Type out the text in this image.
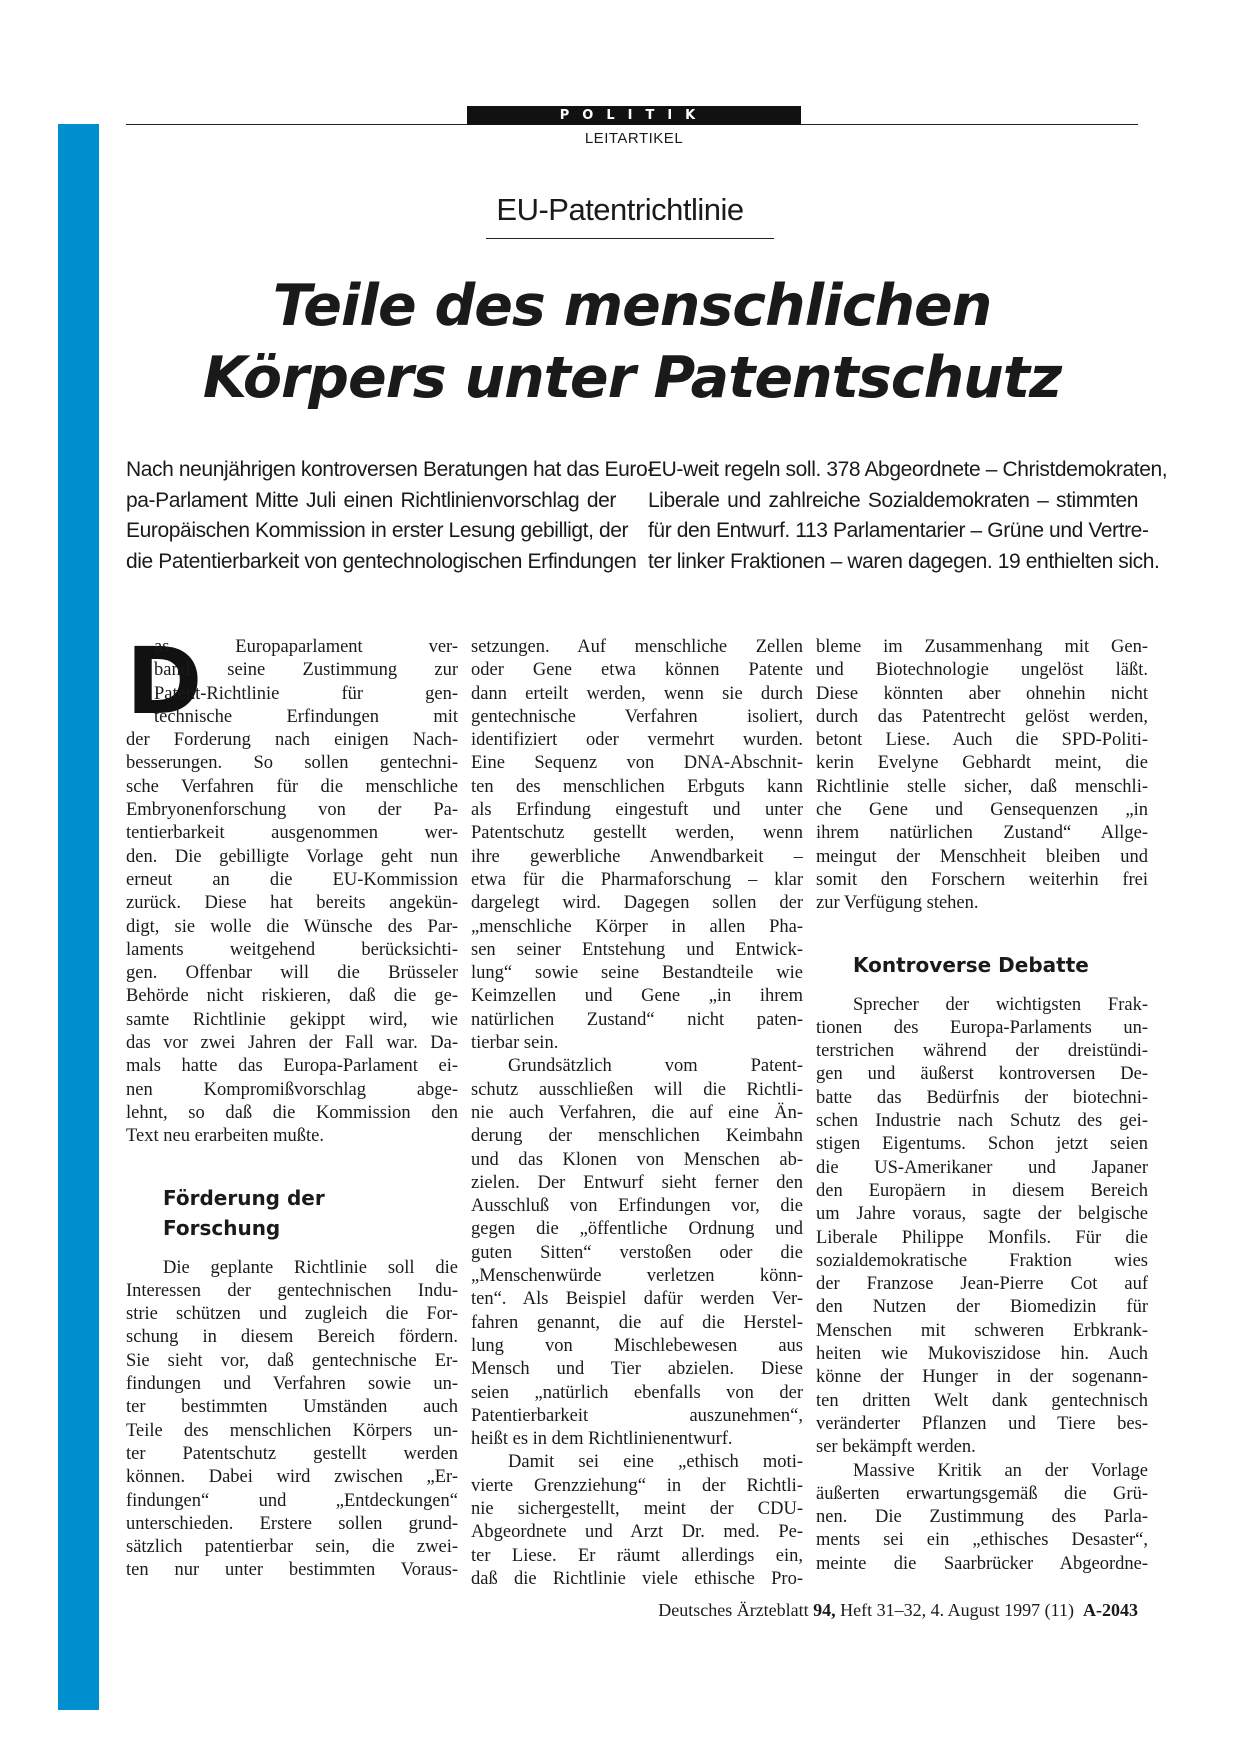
POLITIK
LEITARTIKEL
EU-Patentrichtlinie
Teile des menschlichen
Körpers unter Patentschutz
Nach neunjährigen kontroversen Beratungen hat das Euro-
pa-Parlament Mitte Juli einen Richtlinienvorschlag der
Europäischen Kommission in erster Lesung gebilligt, der
die Patentierbarkeit von gentechnologischen Erfindungen
EU-weit regeln soll. 378 Abgeordnete – Christdemokraten,
Liberale und zahlreiche Sozialdemokraten – stimmten
für den Entwurf. 113 Parlamentarier – Grüne und Vertre-
ter linker Fraktionen – waren dagegen. 19 enthielten sich.
D
as Europaparlament ver-
band seine Zustimmung zur
Patent-Richtlinie für gen-
technische Erfindungen mit
der Forderung nach einigen Nach-
besserungen. So sollen gentechni-
sche Verfahren für die menschliche
Embryonenforschung von der Pa-
tentierbarkeit ausgenommen wer-
den. Die gebilligte Vorlage geht nun
erneut an die EU-Kommission
zurück. Diese hat bereits angekün-
digt, sie wolle die Wünsche des Par-
laments weitgehend berücksichti-
gen. Offenbar will die Brüsseler
Behörde nicht riskieren, daß die ge-
samte Richtlinie gekippt wird, wie
das vor zwei Jahren der Fall war. Da-
mals hatte das Europa-Parlament ei-
nen Kompromißvorschlag abge-
lehnt, so daß die Kommission den
Text neu erarbeiten mußte.
Förderung der
Forschung
Die geplante Richtlinie soll die
Interessen der gentechnischen Indu-
strie schützen und zugleich die For-
schung in diesem Bereich fördern.
Sie sieht vor, daß gentechnische Er-
findungen und Verfahren sowie un-
ter bestimmten Umständen auch
Teile des menschlichen Körpers un-
ter Patentschutz gestellt werden
können. Dabei wird zwischen „Er-
findungen“ und „Entdeckungen“
unterschieden. Erstere sollen grund-
sätzlich patentierbar sein, die zwei-
ten nur unter bestimmten Voraus-
setzungen. Auf menschliche Zellen
oder Gene etwa können Patente
dann erteilt werden, wenn sie durch
gentechnische Verfahren isoliert,
identifiziert oder vermehrt wurden.
Eine Sequenz von DNA-Abschnit-
ten des menschlichen Erbguts kann
als Erfindung eingestuft und unter
Patentschutz gestellt werden, wenn
ihre gewerbliche Anwendbarkeit –
etwa für die Pharmaforschung – klar
dargelegt wird. Dagegen sollen der
„menschliche Körper in allen Pha-
sen seiner Entstehung und Entwick-
lung“ sowie seine Bestandteile wie
Keimzellen und Gene „in ihrem
natürlichen Zustand“ nicht paten-
tierbar sein.
Grundsätzlich vom Patent-
schutz ausschließen will die Richtli-
nie auch Verfahren, die auf eine Än-
derung der menschlichen Keimbahn
und das Klonen von Menschen ab-
zielen. Der Entwurf sieht ferner den
Ausschluß von Erfindungen vor, die
gegen die „öffentliche Ordnung und
guten Sitten“ verstoßen oder die
„Menschenwürde verletzen könn-
ten“. Als Beispiel dafür werden Ver-
fahren genannt, die auf die Herstel-
lung von Mischlebewesen aus
Mensch und Tier abzielen. Diese
seien „natürlich ebenfalls von der
Patentierbarkeit auszunehmen“,
heißt es in dem Richtlinienentwurf.
Damit sei eine „ethisch moti-
vierte Grenzziehung“ in der Richtli-
nie sichergestellt, meint der CDU-
Abgeordnete und Arzt Dr. med. Pe-
ter Liese. Er räumt allerdings ein,
daß die Richtlinie viele ethische Pro-
bleme im Zusammenhang mit Gen-
und Biotechnologie ungelöst läßt.
Diese könnten aber ohnehin nicht
durch das Patentrecht gelöst werden,
betont Liese. Auch die SPD-Politi-
kerin Evelyne Gebhardt meint, die
Richtlinie stelle sicher, daß menschli-
che Gene und Gensequenzen „in
ihrem natürlichen Zustand“ Allge-
meingut der Menschheit bleiben und
somit den Forschern weiterhin frei
zur Verfügung stehen.
Kontroverse Debatte
Sprecher der wichtigsten Frak-
tionen des Europa-Parlaments un-
terstrichen während der dreistündi-
gen und äußerst kontroversen De-
batte das Bedürfnis der biotechni-
schen Industrie nach Schutz des gei-
stigen Eigentums. Schon jetzt seien
die US-Amerikaner und Japaner
den Europäern in diesem Bereich
um Jahre voraus, sagte der belgische
Liberale Philippe Monfils. Für die
sozialdemokratische Fraktion wies
der Franzose Jean-Pierre Cot auf
den Nutzen der Biomedizin für
Menschen mit schweren Erbkrank-
heiten wie Mukoviszidose hin. Auch
könne der Hunger in der sogenann-
ten dritten Welt dank gentechnisch
veränderter Pflanzen und Tiere bes-
ser bekämpft werden.
Massive Kritik an der Vorlage
äußerten erwartungsgemäß die Grü-
nen. Die Zustimmung des Parla-
ments sei ein „ethisches Desaster“,
meinte die Saarbrücker Abgeordne-
Deutsches Ärzteblatt 94, Heft 31–32, 4. August 1997 (11) A-2043
